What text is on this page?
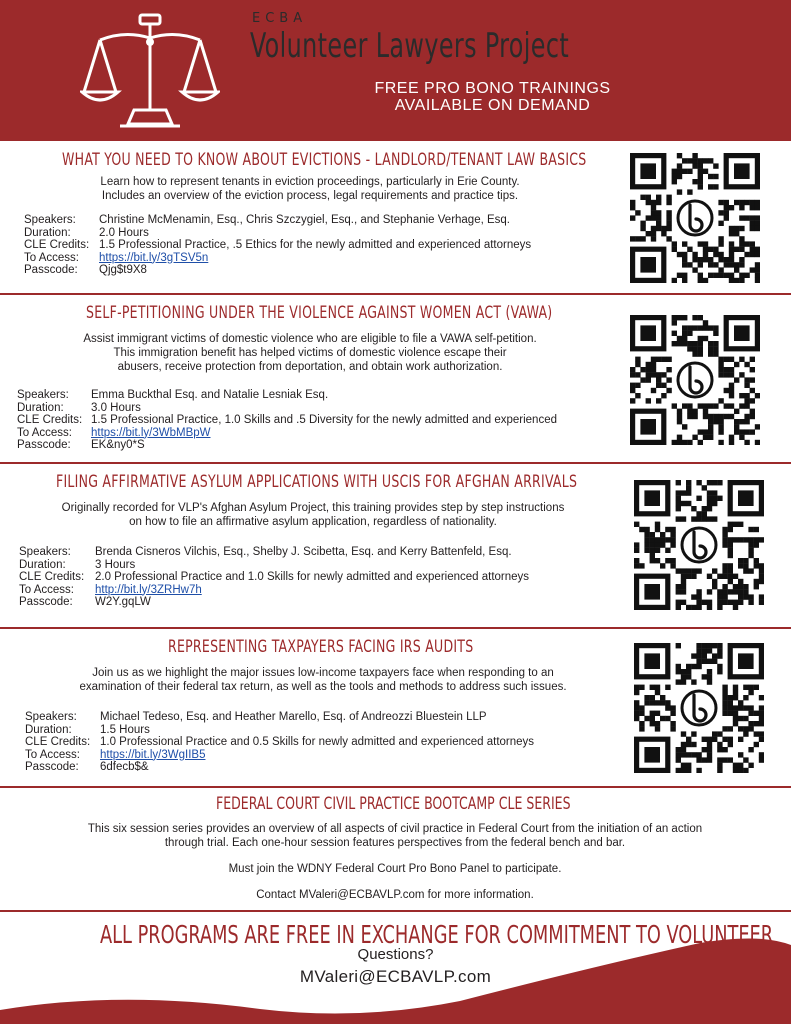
ECBA
Volunteer Lawyers Project
FREE PRO BONO TRAININGS
AVAILABLE ON DEMAND
WHAT YOU NEED TO KNOW ABOUT EVICTIONS - LANDLORD/TENANT LAW BASICS
Learn how to represent tenants in eviction proceedings, particularly in Erie County.
Includes an overview of the eviction process, legal requirements and practice tips.
Speakers:	Christine McMenamin, Esq., Chris Szczygiel, Esq., and Stephanie Verhage, Esq.
Duration:	2.0 Hours
CLE Credits: 1.5 Professional Practice, .5 Ethics for the newly admitted and experienced attorneys
To Access:	https://bit.ly/3gTSV5n
Passcode:	Qjg$t9X8
SELF-PETITIONING UNDER THE VIOLENCE AGAINST WOMEN ACT (VAWA)
Assist immigrant victims of domestic violence who are eligible to file a VAWA self-petition.
This immigration benefit has helped victims of domestic violence escape their
abusers, receive protection from deportation, and obtain work authorization.
Speakers:	Emma Buckthal Esq. and Natalie Lesniak Esq.
Duration:	3.0 Hours
CLE Credits: 1.5 Professional Practice, 1.0 Skills and .5 Diversity for the newly admitted and experienced
To Access:	https://bit.ly/3WbMBpW
Passcode:	EK&ny0*S
FILING AFFIRMATIVE ASYLUM APPLICATIONS WITH USCIS FOR AFGHAN ARRIVALS
Originally recorded for VLP's Afghan Asylum Project, this training provides step by step instructions
on how to file an affirmative asylum application, regardless of nationality.
Speakers:	Brenda Cisneros Vilchis, Esq., Shelby J. Scibetta, Esq. and Kerry Battenfeld, Esq.
Duration:	3 Hours
CLE Credits: 2.0 Professional Practice and 1.0 Skills for newly admitted and experienced attorneys
To Access:	http://bit.ly/3ZRHw7h
Passcode:	W2Y.gqLW
REPRESENTING TAXPAYERS FACING IRS AUDITS
Join us as we highlight the major issues low-income taxpayers face when responding to an
examination of their federal tax return, as well as the tools and methods to address such issues.
Speakers:	Michael Tedeso, Esq. and Heather Marello, Esq. of Andreozzi Bluestein LLP
Duration:	1.5 Hours
CLE Credits: 1.0 Professional Practice and 0.5 Skills for newly admitted and experienced attorneys
To Access:	https://bit.ly/3WgIIB5
Passcode:	6dfecb$&
FEDERAL COURT CIVIL PRACTICE BOOTCAMP CLE SERIES
This six session series provides an overview of all aspects of civil practice in Federal Court from the initiation of an action
through trial. Each one-hour session features perspectives from the federal bench and bar.
Must join the WDNY Federal Court Pro Bono Panel to participate.
Contact MValeri@ECBAVLP.com for more information.
ALL PROGRAMS ARE FREE IN EXCHANGE FOR COMMITMENT TO VOLUNTEER
Questions?
MValeri@ECBAVLP.com
